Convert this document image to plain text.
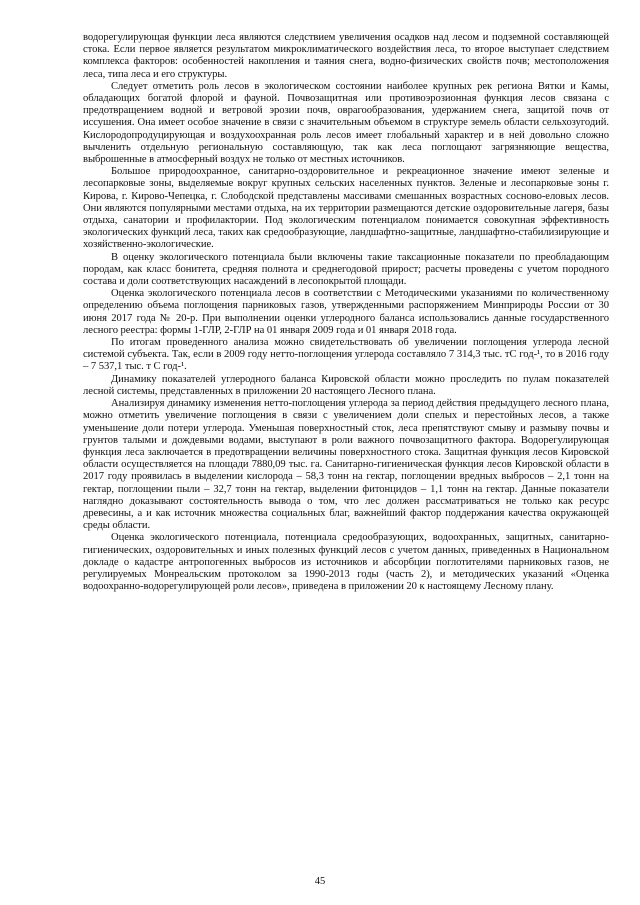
водорегулирующая функции леса являются следствием увеличения осадков над лесом и подземной составляющей стока. Если первое является результатом микроклиматического воздействия леса, то второе выступает следствием комплекса факторов: особенностей накопления и таяния снега, водно-физических свойств почв; местоположения леса, типа леса и его структуры.

Следует отметить роль лесов в экологическом состоянии наиболее крупных рек региона Вятки и Камы, обладающих богатой флорой и фауной. Почвозащитная или противоэрозионная функция лесов связана с предотвращением водной и ветровой эрозии почв, оврагообразования, удержанием снега, защитой почв от иссушения. Она имеет особое значение в связи с значительным объемом в структуре земель области сельхозугодий. Кислородопродуцирующая и воздухоохранная роль лесов имеет глобальный характер и в ней довольно сложно вычленить отдельную региональную составляющую, так как леса поглощают загрязняющие вещества, выброшенные в атмосферный воздух не только от местных источников.

Большое природоохранное, санитарно-оздоровительное и рекреационное значение имеют зеленые и лесопарковые зоны, выделяемые вокруг крупных сельских населенных пунктов. Зеленые и лесопарковые зоны г. Кирова, г. Кирово-Чепецка, г. Слободской представлены массивами смешанных возрастных сосново-еловых лесов. Они являются популярными местами отдыха, на их территории размещаются детские оздоровительные лагеря, базы отдыха, санатории и профилактории. Под экологическим потенциалом понимается совокупная эффективность экологических функций леса, таких как средообразующие, ландшафтно-защитные, ландшафтно-стабилизирующие и хозяйственно-экологические.

В оценку экологического потенциала были включены такие таксационные показатели по преобладающим породам, как класс бонитета, средняя полнота и среднегодовой прирост; расчеты проведены с учетом породного состава и доли соответствующих насаждений в лесопокрытой площади.

Оценка экологического потенциала лесов в соответствии с Методическими указаниями по количественному определению объема поглощения парниковых газов, утвержденными распоряжением Минприроды России от 30 июня 2017 года № 20-р. При выполнении оценки углеродного баланса использовались данные государственного лесного реестра: формы 1-ГЛР, 2-ГЛР на 01 января 2009 года и 01 января 2018 года.

По итогам проведенного анализа можно свидетельствовать об увеличении поглощения углерода лесной системой субъекта. Так, если в 2009 году нетто-поглощения углерода составляло 7 314,3 тыс. тС год-¹, то в 2016 году – 7 537,1 тыс. т С год-¹.

Динамику показателей углеродного баланса Кировской области можно проследить по пулам показателей лесной системы, представленных в приложении 20 настоящего Лесного плана.

Анализируя динамику изменения нетто-поглощения углерода за период действия предыдущего лесного плана, можно отметить увеличение поглощения в связи с увеличением доли спелых и перестойных лесов, а также уменьшение доли потери углерода. Уменьшая поверхностный сток, леса препятствуют смыву и размыву почвы и грунтов талыми и дождевыми водами, выступают в роли важного почвозащитного фактора. Водорегулирующая функция леса заключается в предотвращении величины поверхностного стока. Защитная функция лесов Кировской области осуществляется на площади 7880,09 тыс. га. Санитарно-гигиеническая функция лесов Кировской области в 2017 году проявилась в выделении кислорода – 58,3 тонн на гектар, поглощении вредных выбросов – 2,1 тонн на гектар, поглощении пыли – 32,7 тонн на гектар, выделении фитонцидов – 1,1 тонн на гектар. Данные показатели наглядно доказывают состоятельность вывода о том, что лес должен рассматриваться не только как ресурс древесины, а и как источник множества социальных благ, важнейший фактор поддержания качества окружающей среды области.

Оценка экологического потенциала, потенциала средообразующих, водоохранных, защитных, санитарно-гигиенических, оздоровительных и иных полезных функций лесов с учетом данных, приведенных в Национальном докладе о кадастре антропогенных выбросов из источников и абсорбции поглотителями парниковых газов, не регулируемых Монреальским протоколом за 1990-2013 годы (часть 2), и методических указаний «Оценка водоохранно-водорегулирующей роли лесов», приведена в приложении 20 к настоящему Лесному плану.

45
